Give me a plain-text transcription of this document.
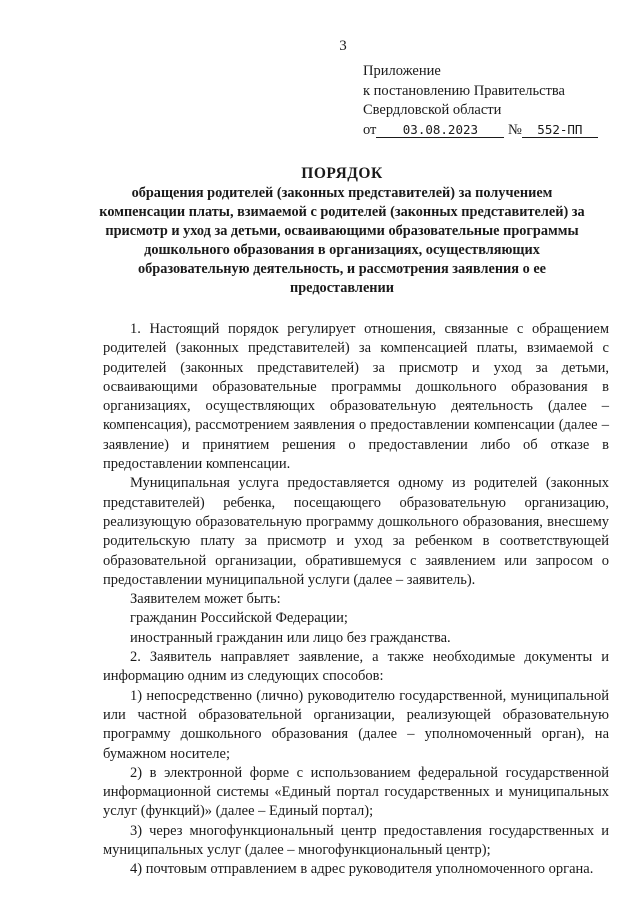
3
Приложение
к постановлению Правительства
Свердловской области
от 03.08.2023 № 552-ПП
ПОРЯДОК
обращения родителей (законных представителей) за получением компенсации платы, взимаемой с родителей (законных представителей) за присмотр и уход за детьми, осваивающими образовательные программы дошкольного образования в организациях, осуществляющих образовательную деятельность, и рассмотрения заявления о ее предоставлении

1. Настоящий порядок регулирует отношения, связанные с обращением родителей (законных представителей) за компенсацией платы, взимаемой с родителей (законных представителей) за присмотр и уход за детьми, осваивающими образовательные программы дошкольного образования в организациях, осуществляющих образовательную деятельность (далее – компенсация), рассмотрением заявления о предоставлении компенсации (далее – заявление) и принятием решения о предоставлении либо об отказе в предоставлении компенсации.

Муниципальная услуга предоставляется одному из родителей (законных представителей) ребенка, посещающего образовательную организацию, реализующую образовательную программу дошкольного образования, внесшему родительскую плату за присмотр и уход за ребенком в соответствующей образовательной организации, обратившемуся с заявлением или запросом о предоставлении муниципальной услуги (далее – заявитель).

Заявителем может быть:

гражданин Российской Федерации;

иностранный гражданин или лицо без гражданства.

2. Заявитель направляет заявление, а также необходимые документы и информацию одним из следующих способов:

1) непосредственно (лично) руководителю государственной, муниципальной или частной образовательной организации, реализующей образовательную программу дошкольного образования (далее – уполномоченный орган), на бумажном носителе;

2) в электронной форме с использованием федеральной государственной информационной системы «Единый портал государственных и муниципальных услуг (функций)» (далее – Единый портал);

3) через многофункциональный центр предоставления государственных и муниципальных услуг (далее – многофункциональный центр);

4) почтовым отправлением в адрес руководителя уполномоченного органа.
